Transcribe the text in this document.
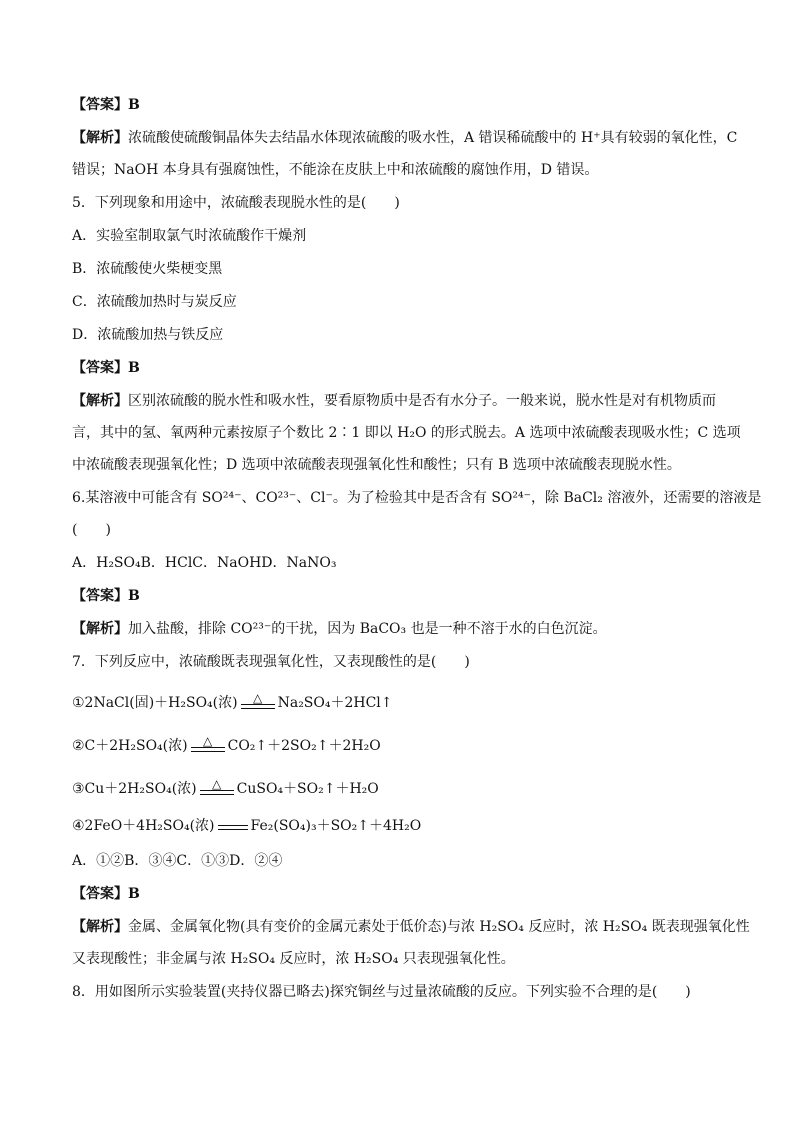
【答案】B
【解析】浓硫酸使硫酸铜晶体失去结晶水体现浓硫酸的吸水性，A 错误稀硫酸中的 H⁺具有较弱的氧化性，C
错误；NaOH 本身具有强腐蚀性，不能涂在皮肤上中和浓硫酸的腐蚀作用，D 错误。
5．下列现象和用途中，浓硫酸表现脱水性的是(　　)
A．实验室制取氯气时浓硫酸作干燥剂
B．浓硫酸使火柴梗变黑
C．浓硫酸加热时与炭反应
D．浓硫酸加热与铁反应
【答案】B
【解析】区别浓硫酸的脱水性和吸水性，要看原物质中是否有水分子。一般来说，脱水性是对有机物质而
言，其中的氢、氧两种元素按原子个数比 2∶1 即以 H₂O 的形式脱去。A 选项中浓硫酸表现吸水性；C 选项
中浓硫酸表现强氧化性；D 选项中浓硫酸表现强氧化性和酸性；只有 B 选项中浓硫酸表现脱水性。
6.某溶液中可能含有 SO²⁴⁻、CO²³⁻、Cl⁻。为了检验其中是否含有 SO²⁴⁻，除 BaCl₂ 溶液外，还需要的溶液是
(　　)
A．H₂SO₄B．HClC．NaOHD．NaNO₃
【答案】B
【解析】加入盐酸，排除 CO²³⁻的干扰，因为 BaCO₃ 也是一种不溶于水的白色沉淀。
7．下列反应中，浓硫酸既表现强氧化性，又表现酸性的是(　　)
①2NaCl(固)＋H₂SO₄(浓) △ Na₂SO₄＋2HCl↑
②C＋2H₂SO₄(浓) △ CO₂↑＋2SO₂↑＋2H₂O
③Cu＋2H₂SO₄(浓) △ CuSO₄＋SO₂↑＋H₂O
④2FeO＋4H₂SO₄(浓)	Fe₂(SO₄)₃＋SO₂↑＋4H₂O
A．①②B．③④C．①③D．②④
【答案】B
【解析】金属、金属氧化物(具有变价的金属元素处于低价态)与浓 H₂SO₄ 反应时，浓 H₂SO₄ 既表现强氧化性
又表现酸性；非金属与浓 H₂SO₄ 反应时，浓 H₂SO₄ 只表现强氧化性。
8．用如图所示实验装置(夹持仪器已略去)探究铜丝与过量浓硫酸的反应。下列实验不合理的是(　　)
